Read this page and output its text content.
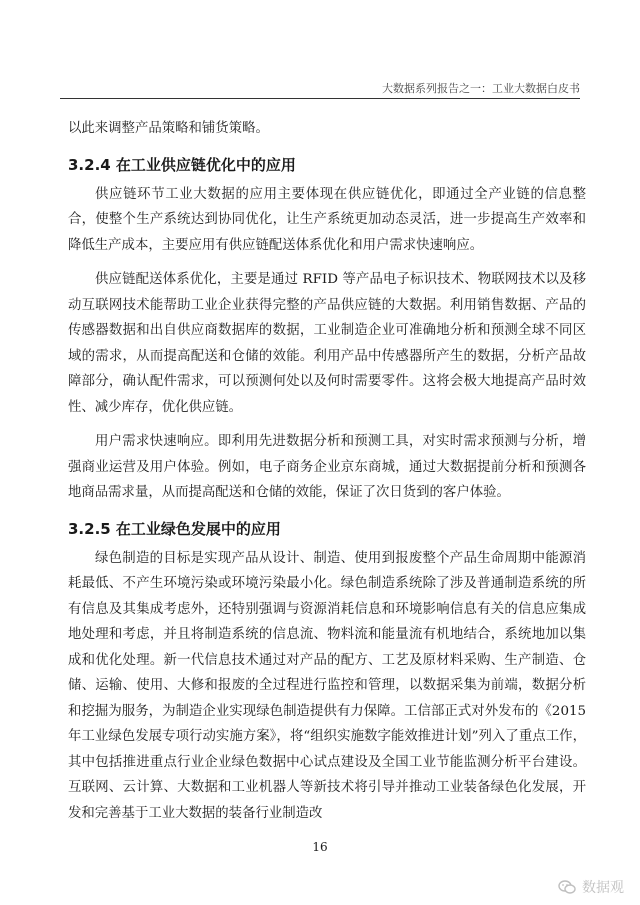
大数据系列报告之一：工业大数据白皮书

以此来调整产品策略和铺货策略。

3.2.4 在工业供应链优化中的应用

供应链环节工业大数据的应用主要体现在供应链优化，即通过全产业链的信息整合，使整个生产系统达到协同优化，让生产系统更加动态灵活，进一步提高生产效率和降低生产成本，主要应用有供应链配送体系优化和用户需求快速响应。

供应链配送体系优化，主要是通过 RFID 等产品电子标识技术、物联网技术以及移动互联网技术能帮助工业企业获得完整的产品供应链的大数据。利用销售数据、产品的传感器数据和出自供应商数据库的数据，工业制造企业可准确地分析和预测全球不同区域的需求，从而提高配送和仓储的效能。利用产品中传感器所产生的数据，分析产品故障部分，确认配件需求，可以预测何处以及何时需要零件。这将会极大地提高产品时效性、减少库存，优化供应链。

用户需求快速响应。即利用先进数据分析和预测工具，对实时需求预测与分析，增强商业运营及用户体验。例如，电子商务企业京东商城，通过大数据提前分析和预测各地商品需求量，从而提高配送和仓储的效能，保证了次日货到的客户体验。

3.2.5 在工业绿色发展中的应用

绿色制造的目标是实现产品从设计、制造、使用到报废整个产品生命周期中能源消耗最低、不产生环境污染或环境污染最小化。绿色制造系统除了涉及普通制造系统的所有信息及其集成考虑外，还特别强调与资源消耗信息和环境影响信息有关的信息应集成地处理和考虑，并且将制造系统的信息流、物料流和能量流有机地结合，系统地加以集成和优化处理。新一代信息技术通过对产品的配方、工艺及原材料采购、生产制造、仓储、运输、使用、大修和报废的全过程进行监控和管理，以数据采集为前端，数据分析和挖掘为服务，为制造企业实现绿色制造提供有力保障。工信部正式对外发布的《2015 年工业绿色发展专项行动实施方案》，将“组织实施数字能效推进计划”列入了重点工作，其中包括推进重点行业企业绿色数据中心试点建设及全国工业节能监测分析平台建设。互联网、云计算、大数据和工业机器人等新技术将引导并推动工业装备绿色化发展，开发和完善基于工业大数据的装备行业制造改

16
数据观
